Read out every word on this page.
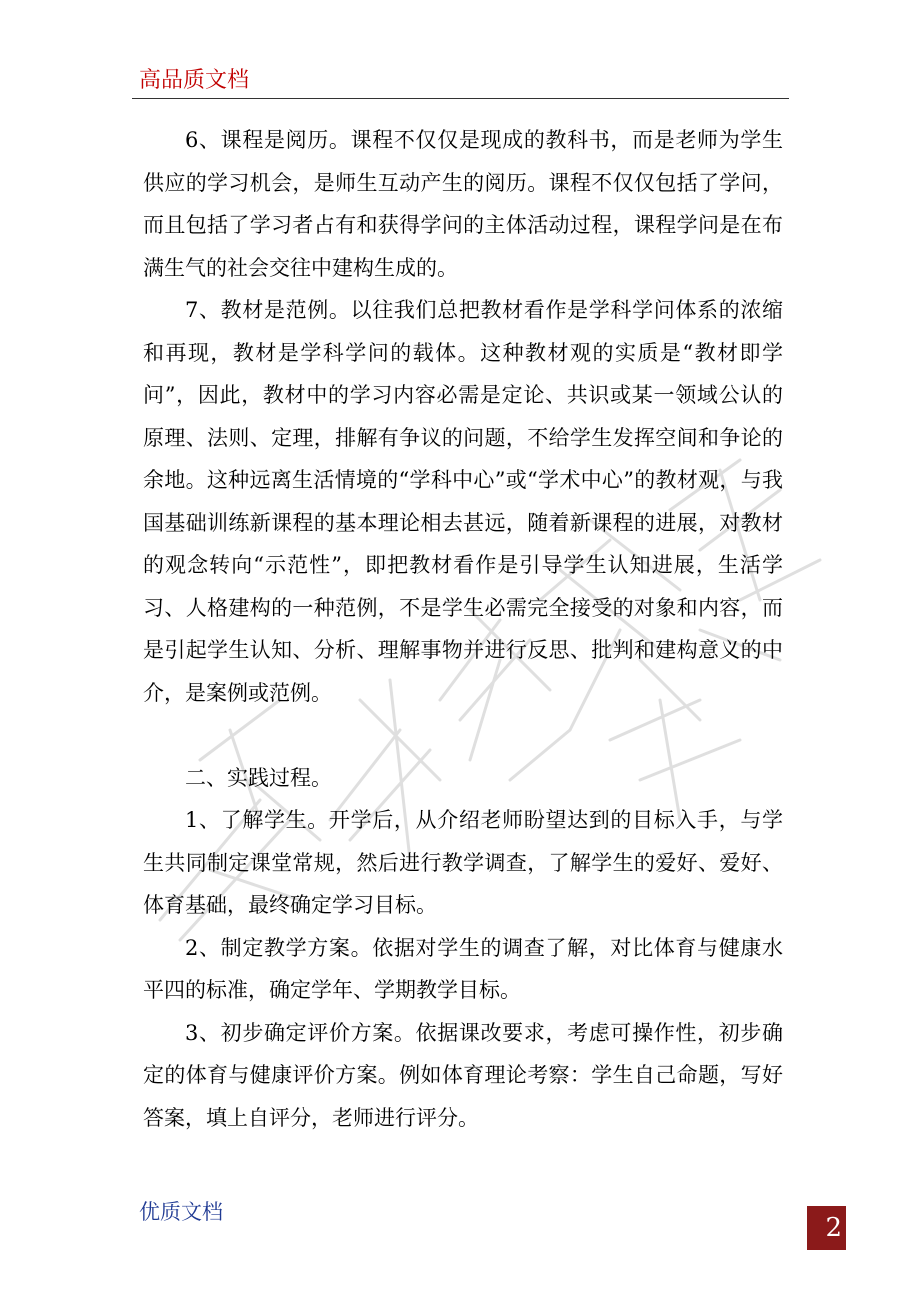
高品质文档

6、课程是阅历。课程不仅仅是现成的教科书，而是老师为学生供应的学习机会，是师生互动产生的阅历。课程不仅仅包括了学问，而且包括了学习者占有和获得学问的主体活动过程，课程学问是在布满生气的社会交往中建构生成的。

7、教材是范例。以往我们总把教材看作是学科学问体系的浓缩和再现，教材是学科学问的载体。这种教材观的实质是“教材即学问”，因此，教材中的学习内容必需是定论、共识或某一领域公认的原理、法则、定理，排解有争议的问题，不给学生发挥空间和争论的余地。这种远离生活情境的“学科中心”或“学术中心”的教材观，与我国基础训练新课程的基本理论相去甚远，随着新课程的进展，对教材的观念转向“示范性”，即把教材看作是引导学生认知进展，生活学习、人格建构的一种范例，不是学生必需完全接受的对象和内容，而是引起学生认知、分析、理解事物并进行反思、批判和建构意义的中介，是案例或范例。

二、实践过程。

1、了解学生。开学后，从介绍老师盼望达到的目标入手，与学生共同制定课堂常规，然后进行教学调查，了解学生的爱好、爱好、体育基础，最终确定学习目标。

2、制定教学方案。依据对学生的调查了解，对比体育与健康水平四的标准，确定学年、学期教学目标。

3、初步确定评价方案。依据课改要求，考虑可操作性，初步确定的体育与健康评价方案。例如体育理论考察：学生自己命题，写好答案，填上自评分，老师进行评分。

优质文档
2
